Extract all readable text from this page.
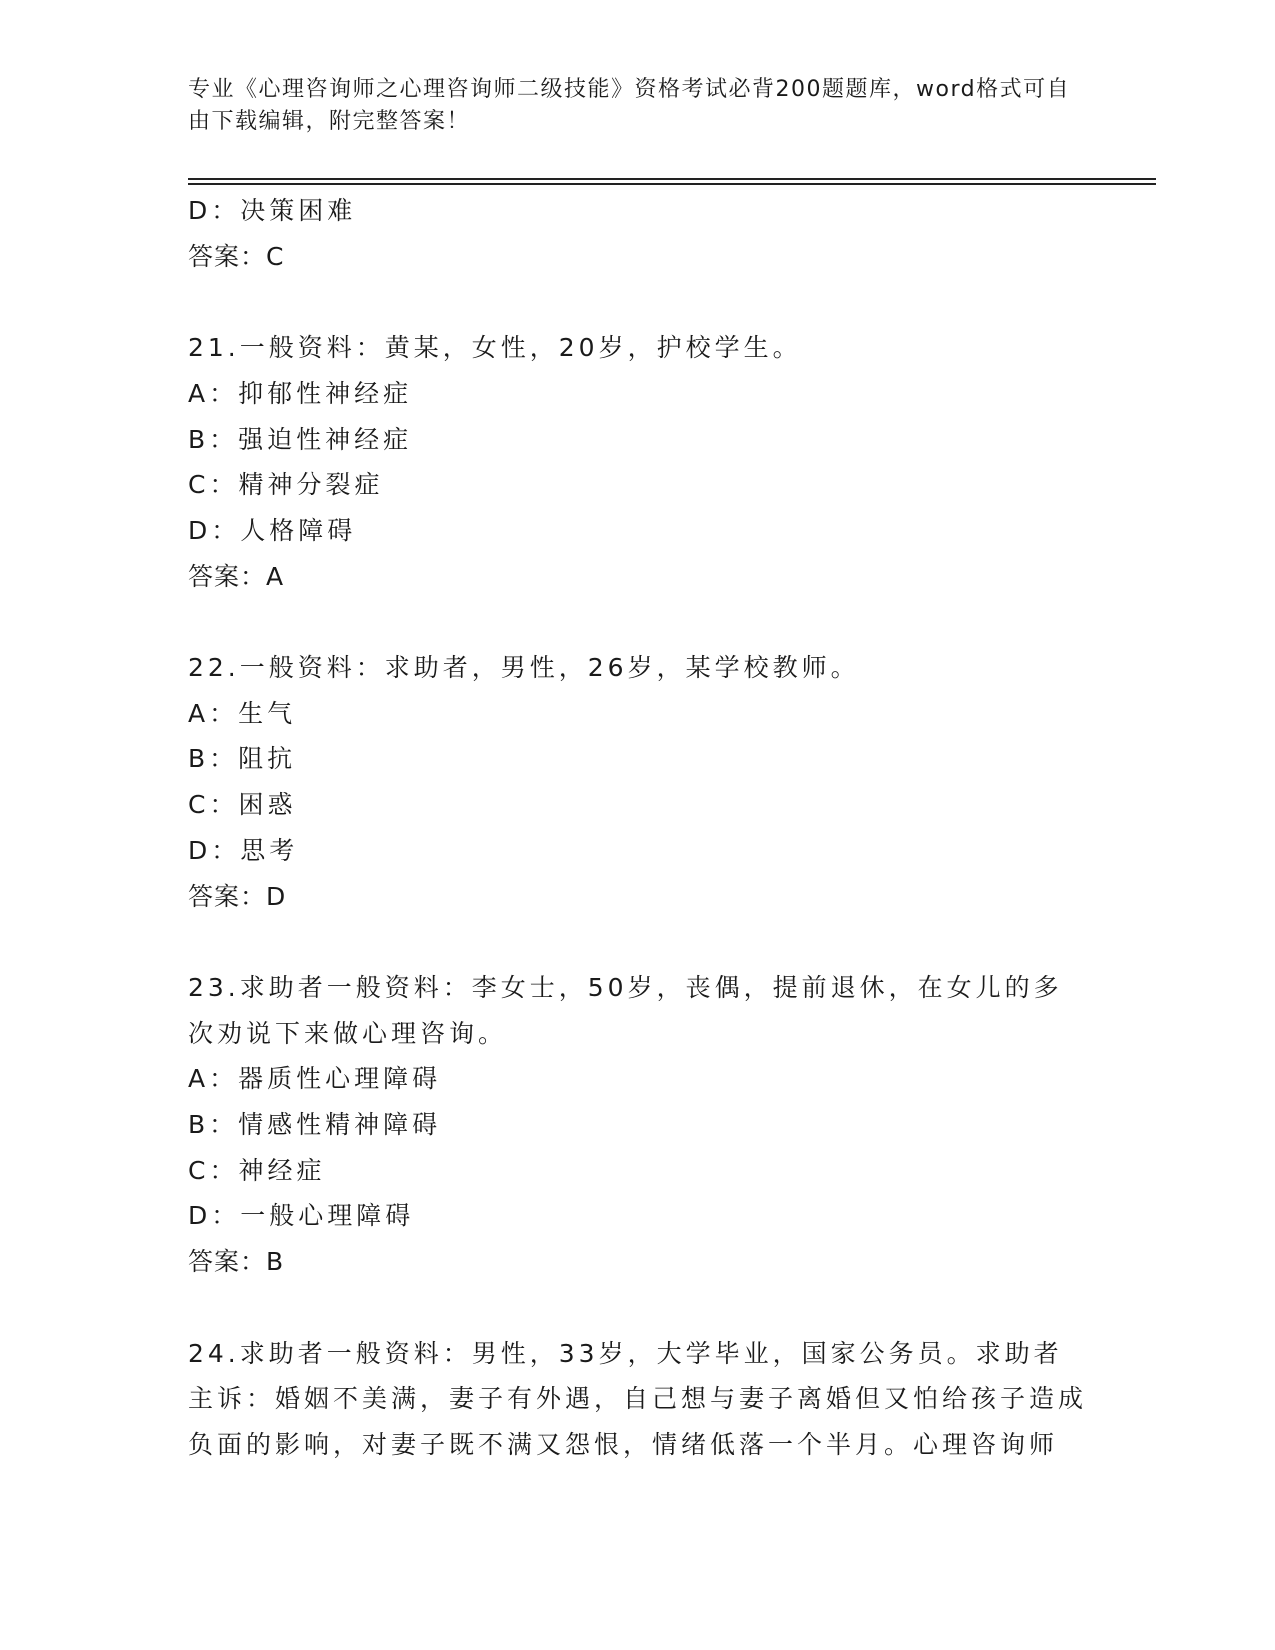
专业《心理咨询师之心理咨询师二级技能》资格考试必背200题题库，word格式可自由下载编辑，附完整答案！
D：决策困难
答案：C
21.一般资料：黄某，女性，20岁，护校学生。
A：抑郁性神经症
B：强迫性神经症
C：精神分裂症
D：人格障碍
答案：A
22.一般资料：求助者，男性，26岁，某学校教师。
A：生气
B：阻抗
C：困惑
D：思考
答案：D
23.求助者一般资料：李女士，50岁，丧偶，提前退休，在女儿的多次劝说下来做心理咨询。
A：器质性心理障碍
B：情感性精神障碍
C：神经症
D：一般心理障碍
答案：B
24.求助者一般资料：男性，33岁，大学毕业，国家公务员。求助者主诉：婚姻不美满，妻子有外遇，自己想与妻子离婚但又怕给孩子造成负面的影响，对妻子既不满又怨恨，情绪低落一个半月。心理咨询师
